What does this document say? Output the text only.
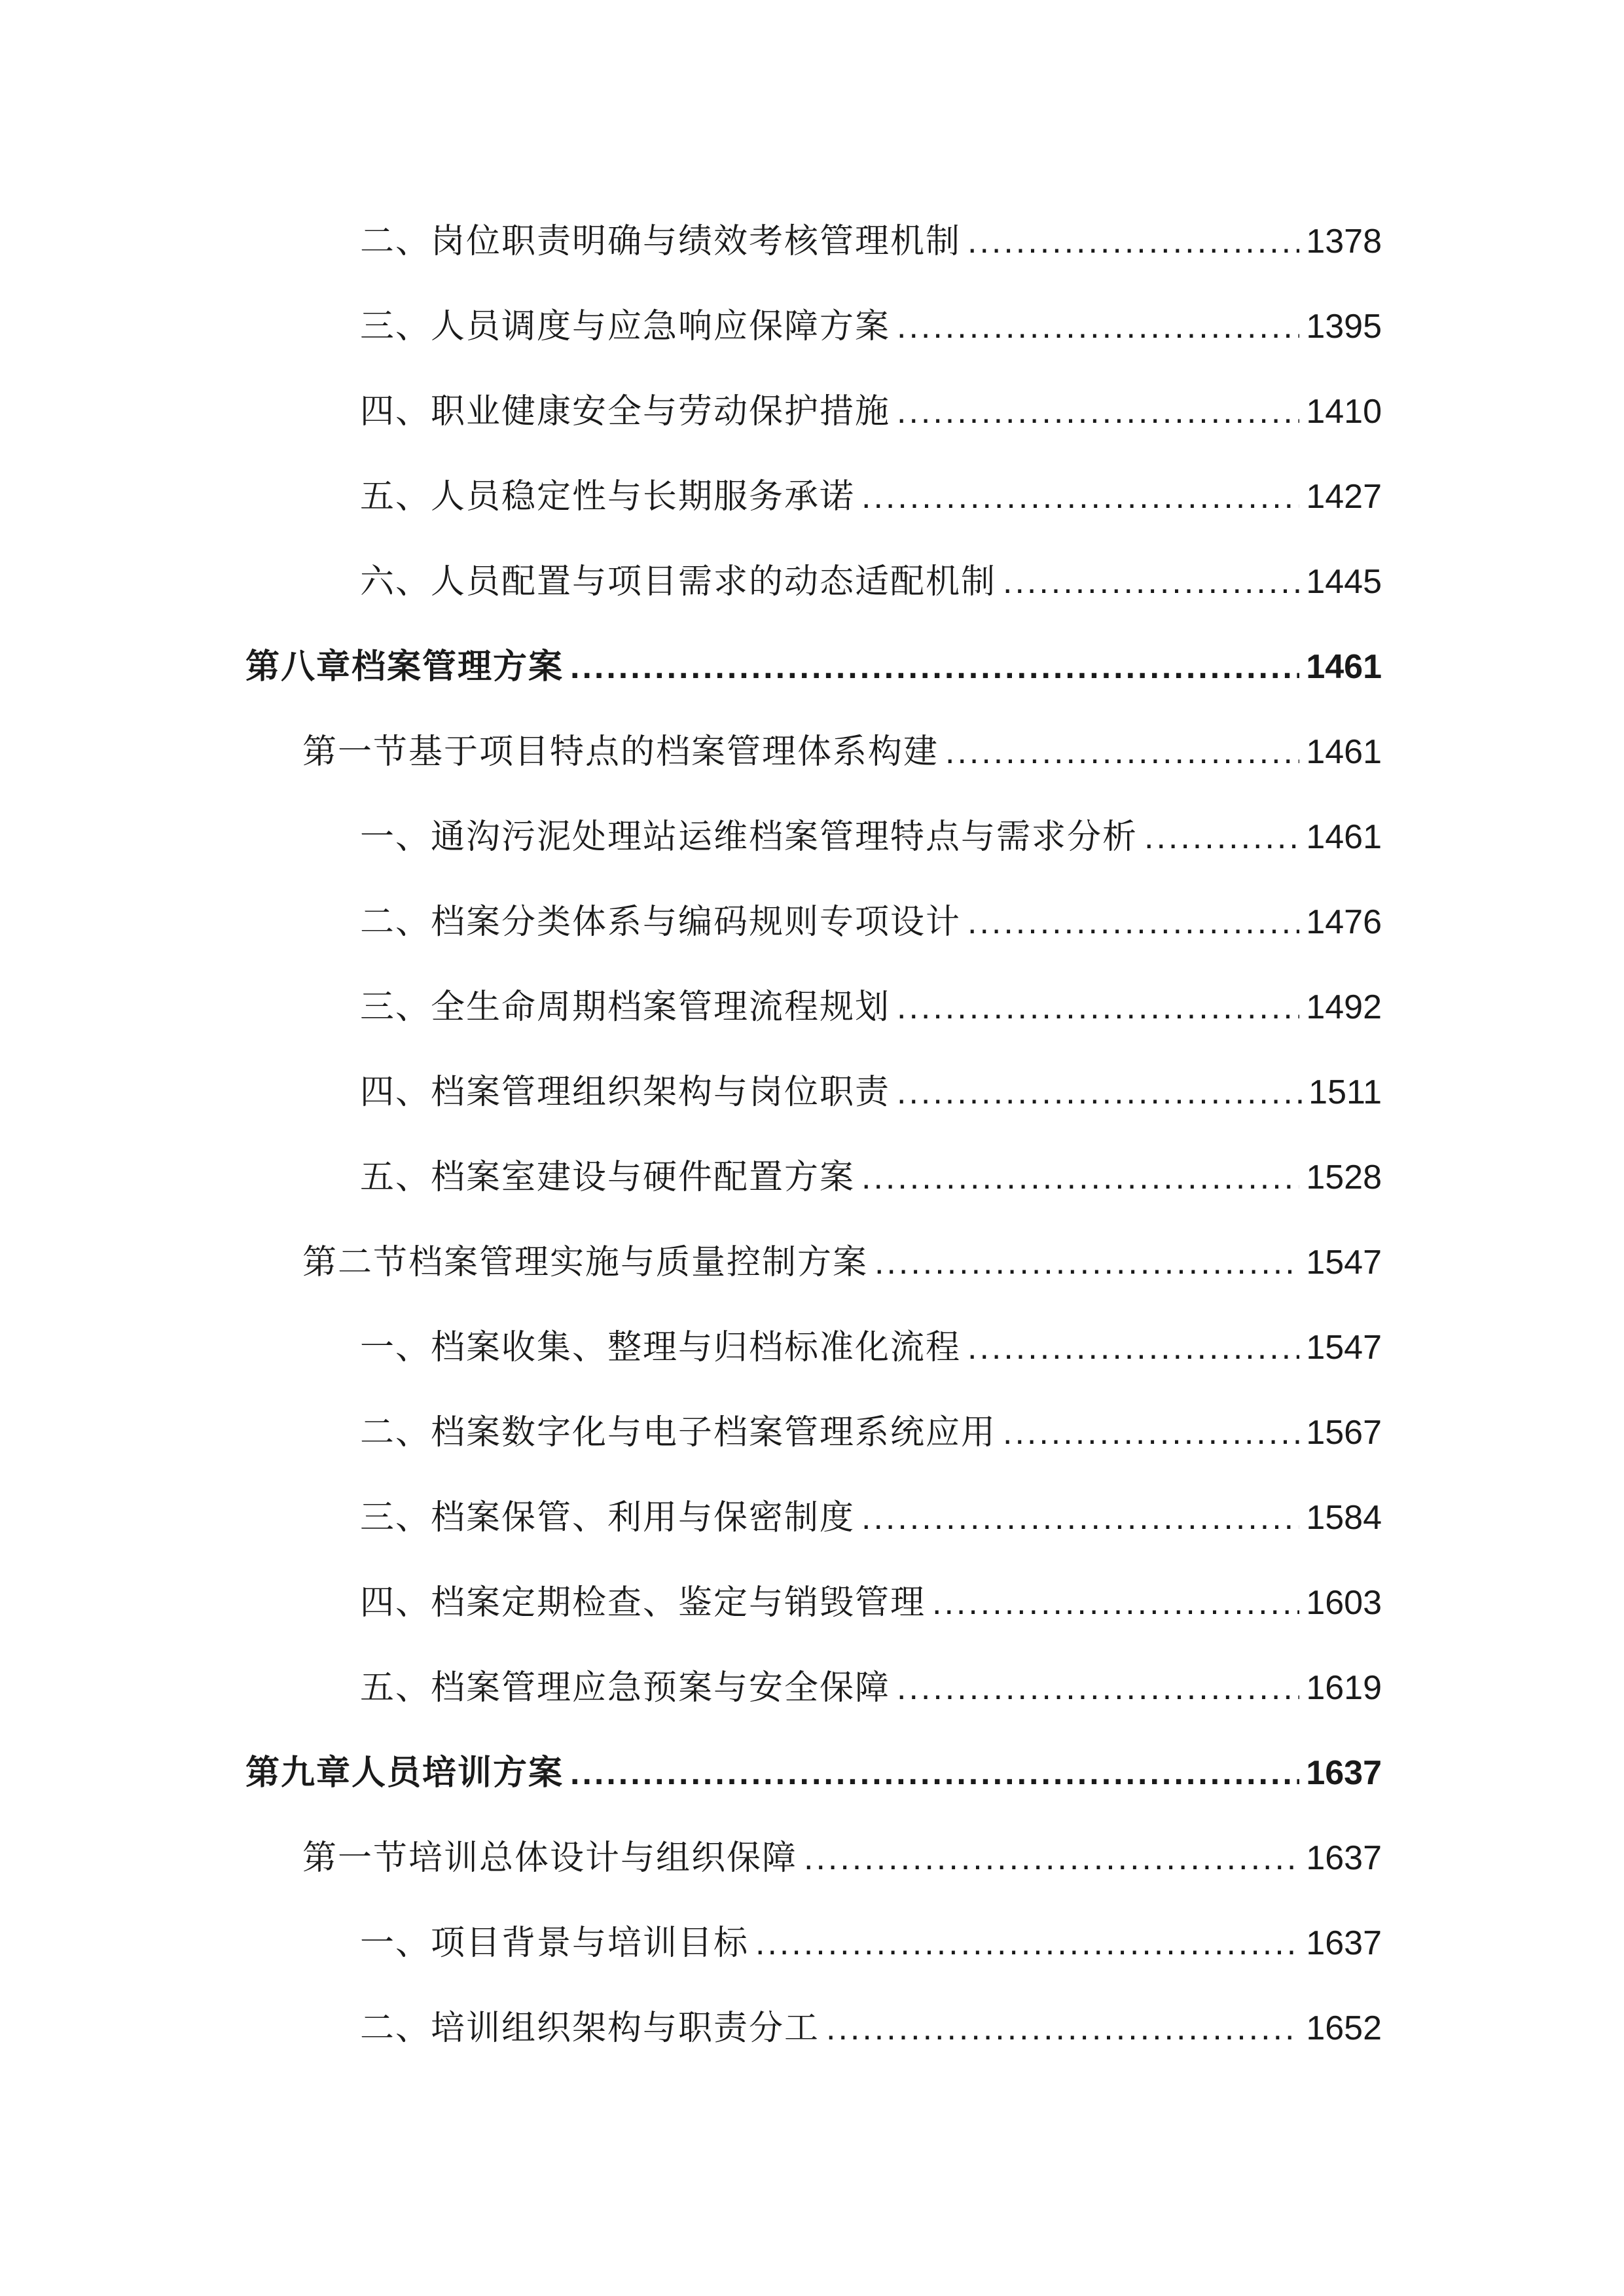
二、岗位职责明确与绩效考核管理机制 .....	1378
三、人员调度与应急响应保障方案 .....	1395
四、职业健康安全与劳动保护措施 .....	1410
五、人员稳定性与长期服务承诺 .....	1427
六、人员配置与项目需求的动态适配机制 .....	1445
第八章档案管理方案 .....	1461
第一节基于项目特点的档案管理体系构建 .....	1461
一、通沟污泥处理站运维档案管理特点与需求分析 .....	1461
二、档案分类体系与编码规则专项设计 .....	1476
三、全生命周期档案管理流程规划 .....	1492
四、档案管理组织架构与岗位职责 .....	1511
五、档案室建设与硬件配置方案 .....	1528
第二节档案管理实施与质量控制方案 .....	1547
一、档案收集、整理与归档标准化流程 .....	1547
二、档案数字化与电子档案管理系统应用 .....	1567
三、档案保管、利用与保密制度 .....	1584
四、档案定期检查、鉴定与销毁管理 .....	1603
五、档案管理应急预案与安全保障 .....	1619
第九章人员培训方案 .....	1637
第一节培训总体设计与组织保障 .....	1637
一、项目背景与培训目标 .....	1637
二、培训组织架构与职责分工 .....	1652
